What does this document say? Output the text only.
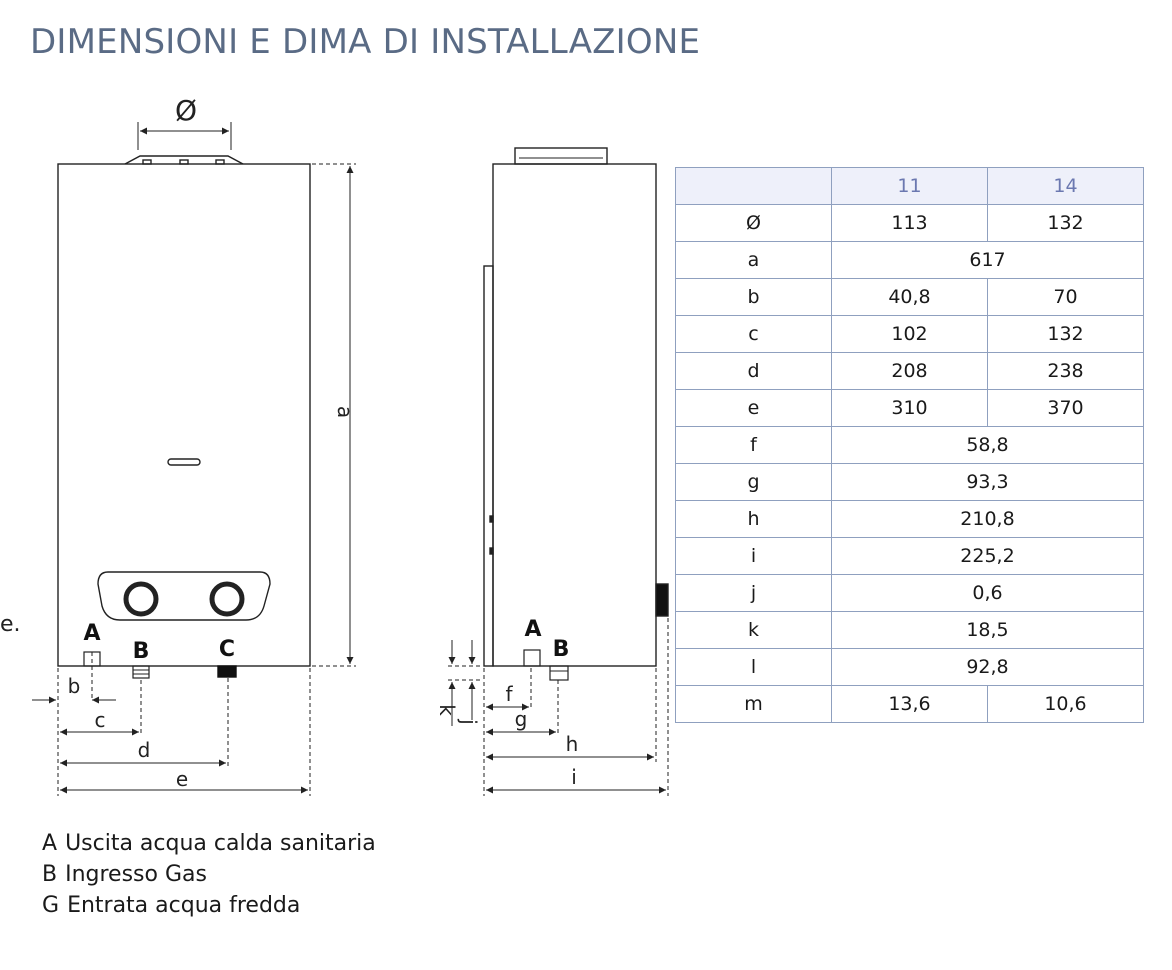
DIMENSIONI E DIMA DI INSTALLAZIONE
e.
Ø
a
b
c
d
e
A
B	C
k
j
f
g
h
i
A
B
	11	14
Ø	113	132
a	617	
b	40,8	70
c	102	132
d	208	238
e	310	370
f	58,8	
g	93,3	
h	210,8	
i	225,2	
j	0,6	
k	18,5	
l	92,8	
m	13,6	10,6
A Uscita acqua calda sanitaria
B Ingresso Gas
G Entrata acqua fredda
